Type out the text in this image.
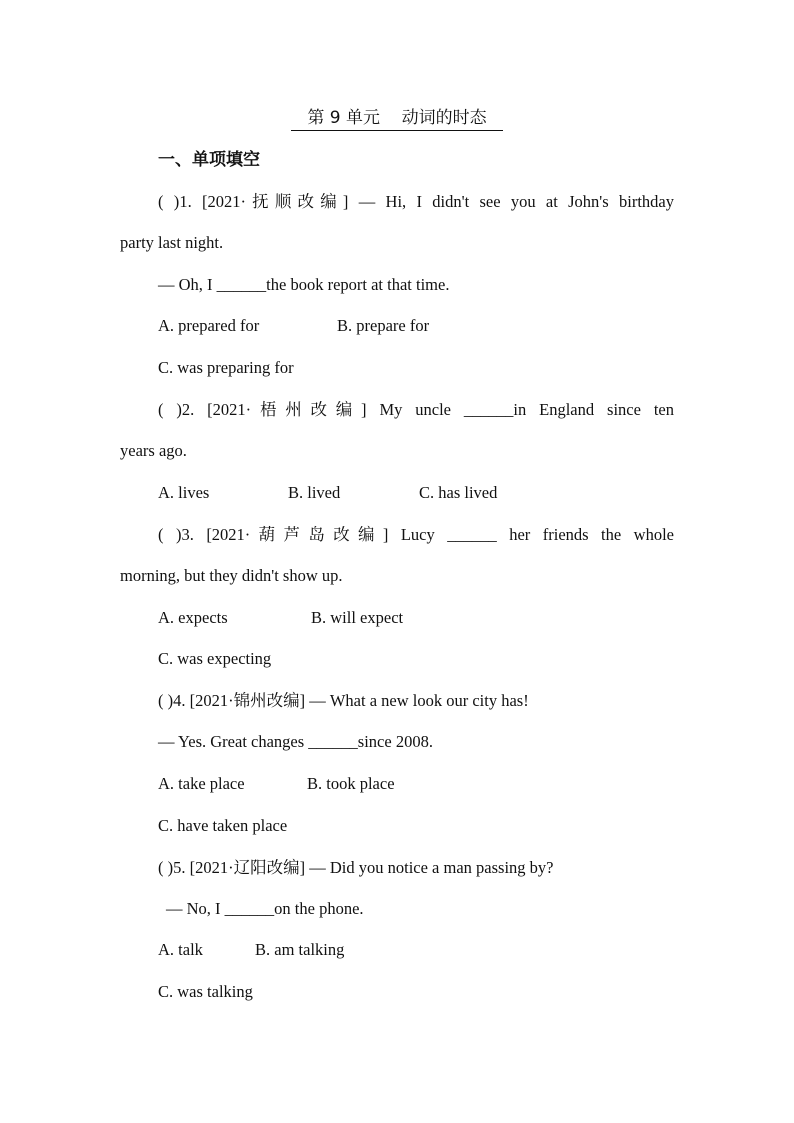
第 9 单元 动词的时态
一、单项填空
( )1. [2021·抚顺改编] — Hi, I didn't see you at John's birthday
party last night.
— Oh, I ______the book report at that time.
A. prepared for	B. prepare for
C. was preparing for
( )2. [2021·梧州改编] My uncle ______in England since ten
years ago.
A. lives	B. lived	C. has lived
( )3. [2021·葫芦岛改编] Lucy ______ her friends the whole
morning, but they didn't show up.
A. expects	B. will expect
C. was expecting
( )4. [2021·锦州改编] — What a new look our city has!
— Yes. Great changes ______since 2008.
A. take place	B. took place
C. have taken place
( )5. [2021·辽阳改编] — Did you notice a man passing by?
— No, I ______on the phone.
A. talk	B. am talking
C. was talking
